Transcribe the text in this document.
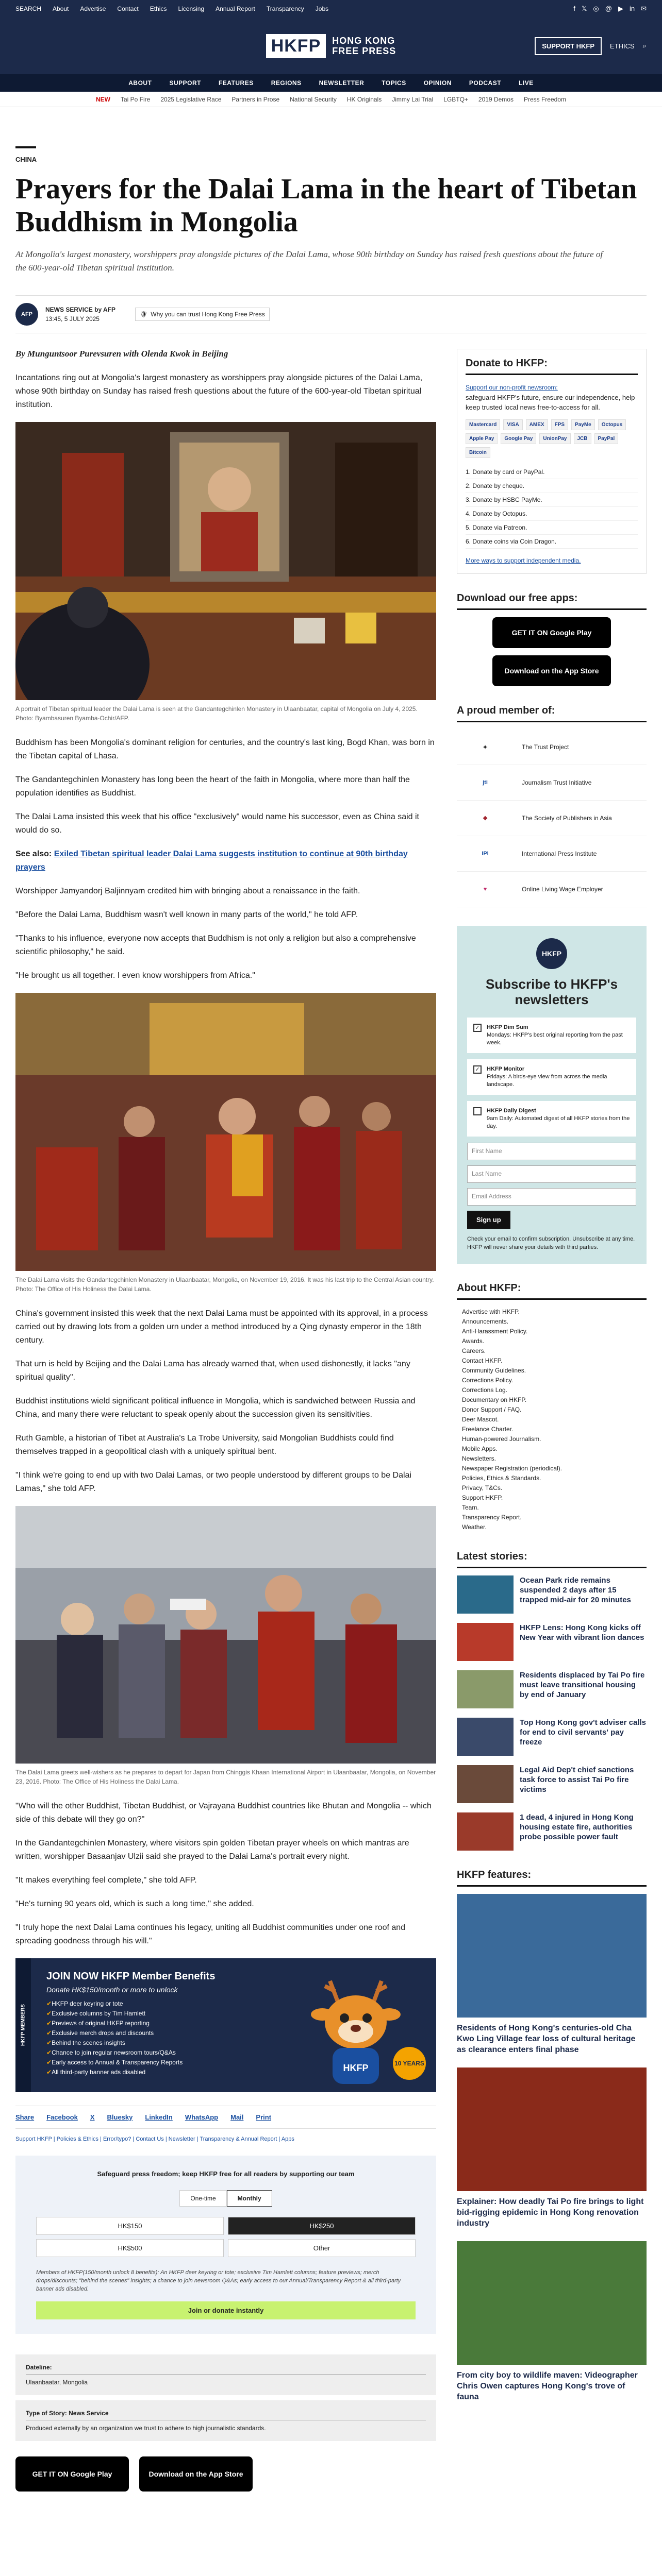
SEARCH About Advertise Contact Ethics Licensing Annual Report Transparency Jobs	f 𝕏 ◎ @ ▶ in ✉
HKFP	HONG KONG
FREE PRESS	SUPPORT HKFP	ETHICS ⌕
ABOUT	SUPPORT	FEATURES	REGIONS	NEWSLETTER	TOPICS	OPINION	PODCAST	LIVE
NEW Tai Po Fire 2025 Legislative Race Partners in Prose National Security HK Originals Jimmy Lai Trial LGBTQ+ 2019 Demos Press Freedom
CHINA
Prayers for the Dalai Lama in the heart of Tibetan Buddhism in Mongolia
At Mongolia's largest monastery, worshippers pray alongside pictures of the Dalai Lama, whose 90th birthday on Sunday has raised fresh questions about the future of the 600-year-old Tibetan spiritual institution.
AFP
NEWS SERVICE by AFP
13:45, 5 JULY 2025
🛡 Why you can trust Hong Kong Free Press
By Munguntsoor Purevsuren with Olenda Kwok in Beijing

Incantations ring out at Mongolia's largest monastery as worshippers pray alongside pictures of the Dalai Lama, whose 90th birthday on Sunday has raised fresh questions about the future of the 600-year-old Tibetan spiritual institution.

A portrait of Tibetan spiritual leader the Dalai Lama is seen at the Gandantegchinlen Monastery in Ulaanbaatar, capital of Mongolia on July 4, 2025. Photo: Byambasuren Byamba-Ochir/AFP.

Buddhism has been Mongolia's dominant religion for centuries, and the country's last king, Bogd Khan, was born in the Tibetan capital of Lhasa.

The Gandantegchinlen Monastery has long been the heart of the faith in Mongolia, where more than half the population identifies as Buddhist.

The Dalai Lama insisted this week that his office "exclusively" would name his successor, even as China said it would do so.

See also: Exiled Tibetan spiritual leader Dalai Lama suggests institution to continue at 90th birthday prayers

Worshipper Jamyandorj Baljinnyam credited him with bringing about a renaissance in the faith.

"Before the Dalai Lama, Buddhism wasn't well known in many parts of the world," he told AFP.

"Thanks to his influence, everyone now accepts that Buddhism is not only a religion but also a comprehensive scientific philosophy," he said.

"He brought us all together. I even know worshippers from Africa."

The Dalai Lama visits the Gandantegchinlen Monastery in Ulaanbaatar, Mongolia, on November 19, 2016. It was his last trip to the Central Asian country. Photo: The Office of His Holiness the Dalai Lama.

China's government insisted this week that the next Dalai Lama must be appointed with its approval, in a process carried out by drawing lots from a golden urn under a method introduced by a Qing dynasty emperor in the 18th century.

That urn is held by Beijing and the Dalai Lama has already warned that, when used dishonestly, it lacks "any spiritual quality".

Buddhist institutions wield significant political influence in Mongolia, which is sandwiched between Russia and China, and many there were reluctant to speak openly about the succession given its sensitivities.

Ruth Gamble, a historian of Tibet at Australia's La Trobe University, said Mongolian Buddhists could find themselves trapped in a geopolitical clash with a uniquely spiritual bent.

"I think we're going to end up with two Dalai Lamas, or two people understood by different groups to be Dalai Lamas," she told AFP.

The Dalai Lama greets well-wishers as he prepares to depart for Japan from Chinggis Khaan International Airport in Ulaanbaatar, Mongolia, on November 23, 2016. Photo: The Office of His Holiness the Dalai Lama.

"Who will the other Buddhist, Tibetan Buddhist, or Vajrayana Buddhist countries like Bhutan and Mongolia -- which side of this debate will they go on?"

In the Gandantegchinlen Monastery, where visitors spin golden Tibetan prayer wheels on which mantras are written, worshipper Basaanjav Ulzii said she prayed to the Dalai Lama's portrait every night.

"It makes everything feel complete," she told AFP.

"He's turning 90 years old, which is such a long time," she added.

"I truly hope the next Dalai Lama continues his legacy, uniting all Buddhist communities under one roof and spreading goodness through his will."

HKFP MEMBERS
JOIN NOW HKFP Member Benefits
Donate HK$150/month or more to unlock
✔ HKFP deer keyring or tote
✔ Exclusive columns by Tim Hamlett
✔ Previews of original HKFP reporting
✔ Exclusive merch drops and discounts
✔ Behind the scenes insights
✔ Chance to join regular newsroom tours/Q&As
✔ Early access to Annual & Transparency Reports
✔ All third-party banner ads disabled	HKFP	10 YEARS
Share Facebook X Bluesky LinkedIn WhatsApp Mail Print
Support HKFP | Policies & Ethics | Error/typo? | Contact Us | Newsletter | Transparency & Annual Report | Apps
Safeguard press freedom; keep HKFP free for all readers by supporting our team
One-time	Monthly
HK$150	HK$250
HK$500	Other
Members of HKFP(150/month unlock 8 benefits): An HKFP deer keyring or tote; exclusive Tim Hamlett columns; feature previews; merch drops/discounts; "behind the scenes" insights; a chance to join newsroom Q&As; early access to our Annual/Transparency Report & all third-party banner ads disabled.
Join or donate instantly
Dateline:
Ulaanbaatar, Mongolia
Type of Story: News Service
Produced externally by an organization we trust to adhere to high journalistic standards.
GET IT ON Google Play	Download on the App Store
Donate to HKFP:

Support our non-profit newsroom:

safeguard HKFP's future, ensure our independence, help keep trusted local news free-to-access for all.

Mastercard	VISA	AMEX	FPS	PayMe	Octopus
Apple Pay	Google Pay	UnionPay	JCB	PayPal
Bitcoin
1. Donate by card or PayPal.
2. Donate by cheque.
3. Donate by HSBC PayMe.
4. Donate by Octopus.
5. Donate via Patreon.
6. Donate coins via Coin Dragon.
More ways to support independent media.
Download our free apps:
GET IT ON Google Play
Download on the App Store
A proud member of:
✦	The Trust Project
jti	Journalism Trust Initiative
❖	The Society of Publishers in Asia
IPI	International Press Institute
♥	Online Living Wage Employer
HKFP
Subscribe to HKFP's newsletters
✓	HKFP Dim Sum
Mondays: HKFP's best original reporting from the past week.
✓	HKFP Monitor
Fridays: A birds-eye view from across the media landscape.
HKFP Daily Digest
9am Daily: Automated digest of all HKFP stories from the day.
First Name
Last Name
Email Address
Sign up

Check your email to confirm subscription. Unsubscribe at any time. HKFP will never share your details with third parties.

About HKFP:
Advertise with HKFP.
Announcements.
Anti-Harassment Policy.
Awards.
Careers.
Contact HKFP.
Community Guidelines.
Corrections Policy.
Corrections Log.
Documentary on HKFP.
Donor Support / FAQ.
Deer Mascot.
Freelance Charter.
Human-powered Journalism.
Mobile Apps.
Newsletters.
Newspaper Registration (periodical).
Policies, Ethics & Standards.
Privacy, T&Cs.
Support HKFP.
Team.
Transparency Report.
Weather.
Latest stories:
Ocean Park ride remains suspended 2 days after 15 trapped mid-air for 20 minutes
HKFP Lens: Hong Kong kicks off New Year with vibrant lion dances
Residents displaced by Tai Po fire must leave transitional housing by end of January
Top Hong Kong gov't adviser calls for end to civil servants' pay freeze
Legal Aid Dep't chief sanctions task force to assist Tai Po fire victims
1 dead, 4 injured in Hong Kong housing estate fire, authorities probe possible power fault
HKFP features:
Residents of Hong Kong's centuries-old Cha Kwo Ling Village fear loss of cultural heritage as clearance enters final phase
Explainer: How deadly Tai Po fire brings to light bid-rigging epidemic in Hong Kong renovation industry
From city boy to wildlife maven: Videographer Chris Owen captures Hong Kong's trove of fauna
